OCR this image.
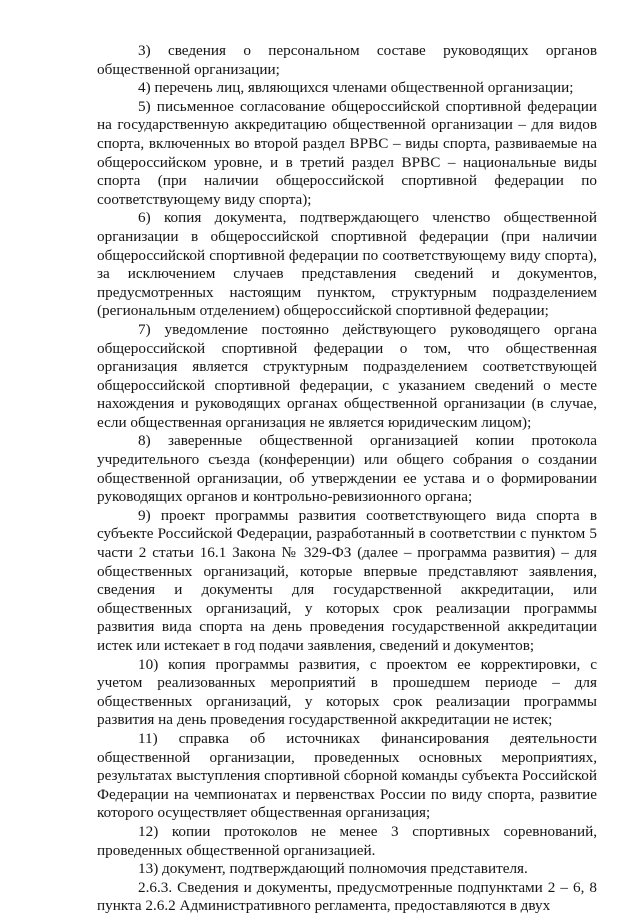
3) сведения о персональном составе руководящих органов общественной организации;

4) перечень лиц, являющихся членами общественной организации;

5) письменное согласование общероссийской спортивной федерации на государственную аккредитацию общественной организации – для видов спорта, включенных во второй раздел ВРВС – виды спорта, развиваемые на общероссийском уровне, и в третий раздел ВРВС – национальные виды спорта (при наличии общероссийской спортивной федерации по соответствующему виду спорта);

6) копия документа, подтверждающего членство общественной организации в общероссийской спортивной федерации (при наличии общероссийской спортивной федерации по соответствующему виду спорта), за исключением случаев представления сведений и документов, предусмотренных настоящим пунктом, структурным подразделением (региональным отделением) общероссийской спортивной федерации;

7) уведомление постоянно действующего руководящего органа общероссийской спортивной федерации о том, что общественная организация является структурным подразделением соответствующей общероссийской спортивной федерации, с указанием сведений о месте нахождения и руководящих органах общественной организации (в случае, если общественная организация не является юридическим лицом);

8) заверенные общественной организацией копии протокола учредительного съезда (конференции) или общего собрания о создании общественной организации, об утверждении ее устава и о формировании руководящих органов и контрольно-ревизионного органа;

9) проект программы развития соответствующего вида спорта в субъекте Российской Федерации, разработанный в соответствии с пунктом 5 части 2 статьи 16.1 Закона № 329-ФЗ (далее – программа развития) – для общественных организаций, которые впервые представляют заявления, сведения и документы для государственной аккредитации, или общественных организаций, у которых срок реализации программы развития вида спорта на день проведения государственной аккредитации истек или истекает в год подачи заявления, сведений и документов;

10) копия программы развития, с проектом ее корректировки, с учетом реализованных мероприятий в прошедшем периоде – для общественных организаций, у которых срок реализации программы развития на день проведения государственной аккредитации не истек;

11) справка об источниках финансирования деятельности общественной организации, проведенных основных мероприятиях, результатах выступления спортивной сборной команды субъекта Российской Федерации на чемпионатах и первенствах России по виду спорта, развитие которого осуществляет общественная организация;

12) копии протоколов не менее 3 спортивных соревнований, проведенных общественной организацией.

13) документ, подтверждающий полномочия представителя.

2.6.3. Сведения и документы, предусмотренные подпунктами 2 – 6, 8 пункта 2.6.2 Административного регламента, предоставляются в двух
